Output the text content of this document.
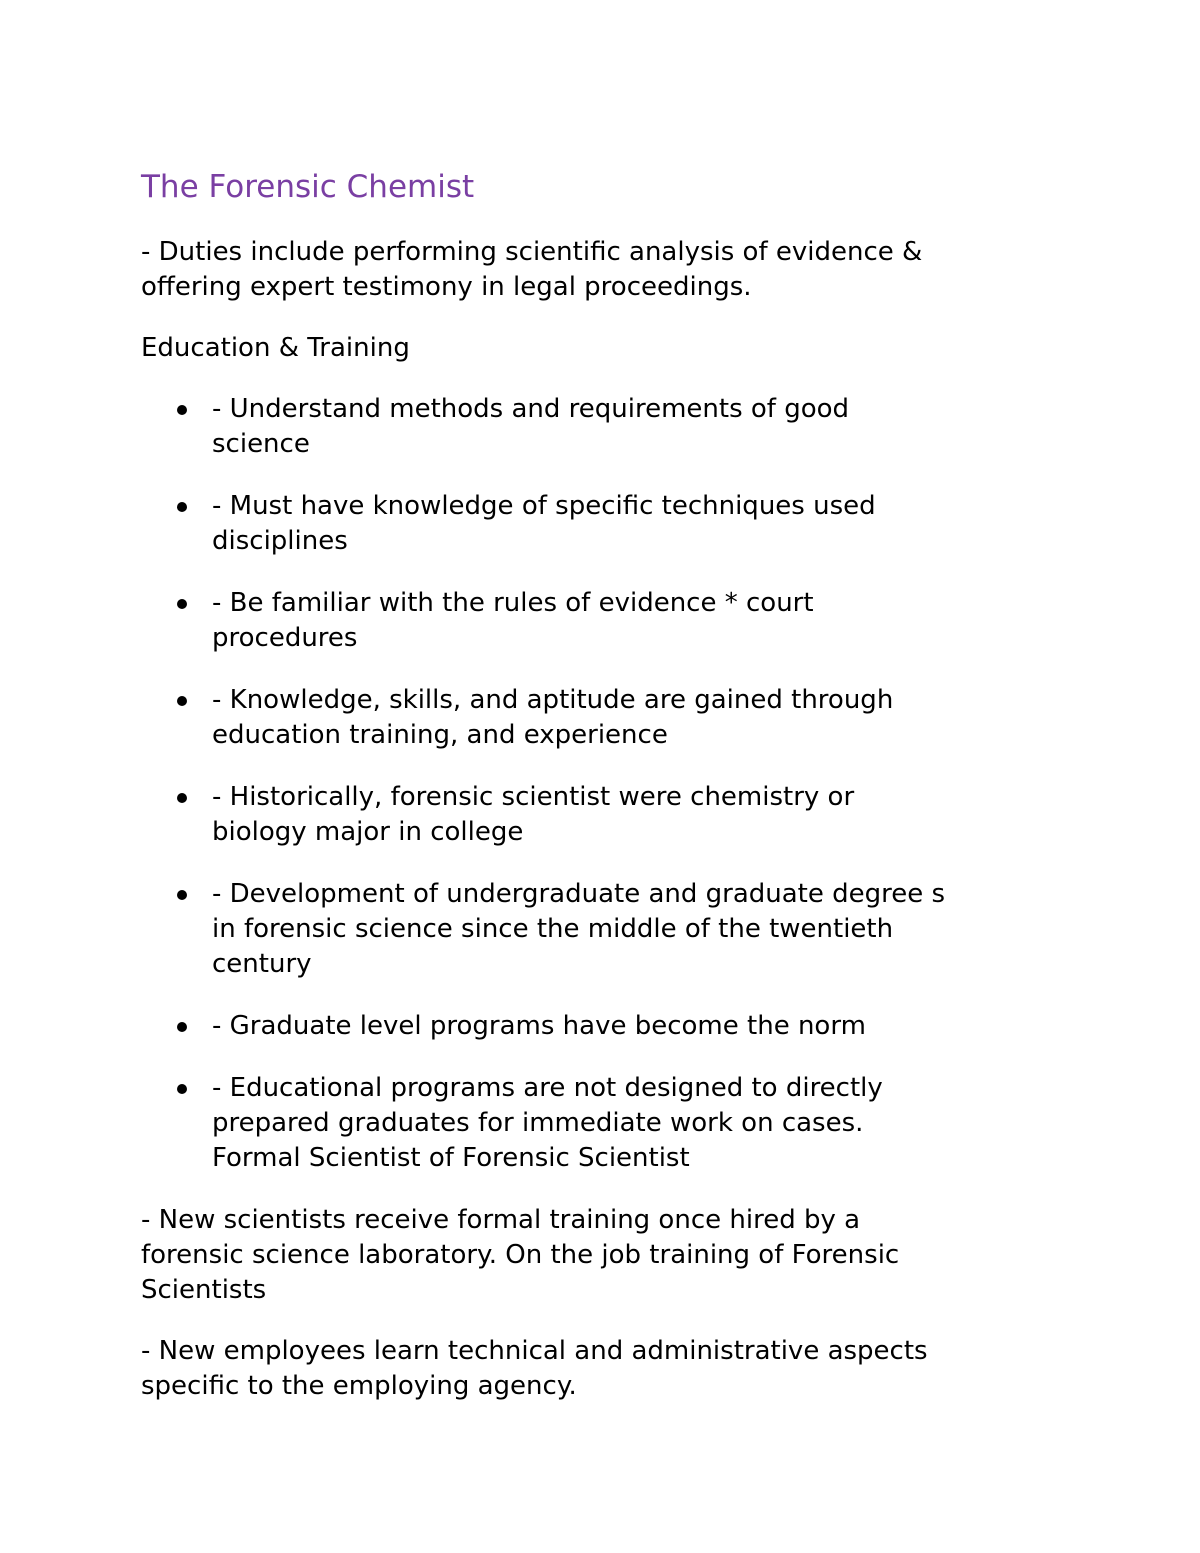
The Forensic Chemist

- Duties include performing scientific analysis of evidence &
offering expert testimony in legal proceedings.

Education & Training

- Understand methods and requirements of good
science
- Must have knowledge of specific techniques used
disciplines
- Be familiar with the rules of evidence * court
procedures
- Knowledge, skills, and aptitude are gained through
education training, and experience
- Historically, forensic scientist were chemistry or
biology major in college
- Development of undergraduate and graduate degree s
in forensic science since the middle of the twentieth
century
- Graduate level programs have become the norm
- Educational programs are not designed to directly
prepared graduates for immediate work on cases.
Formal Scientist of Forensic Scientist

- New scientists receive formal training once hired by a
forensic science laboratory. On the job training of Forensic
Scientists

- New employees learn technical and administrative aspects
specific to the employing agency.
